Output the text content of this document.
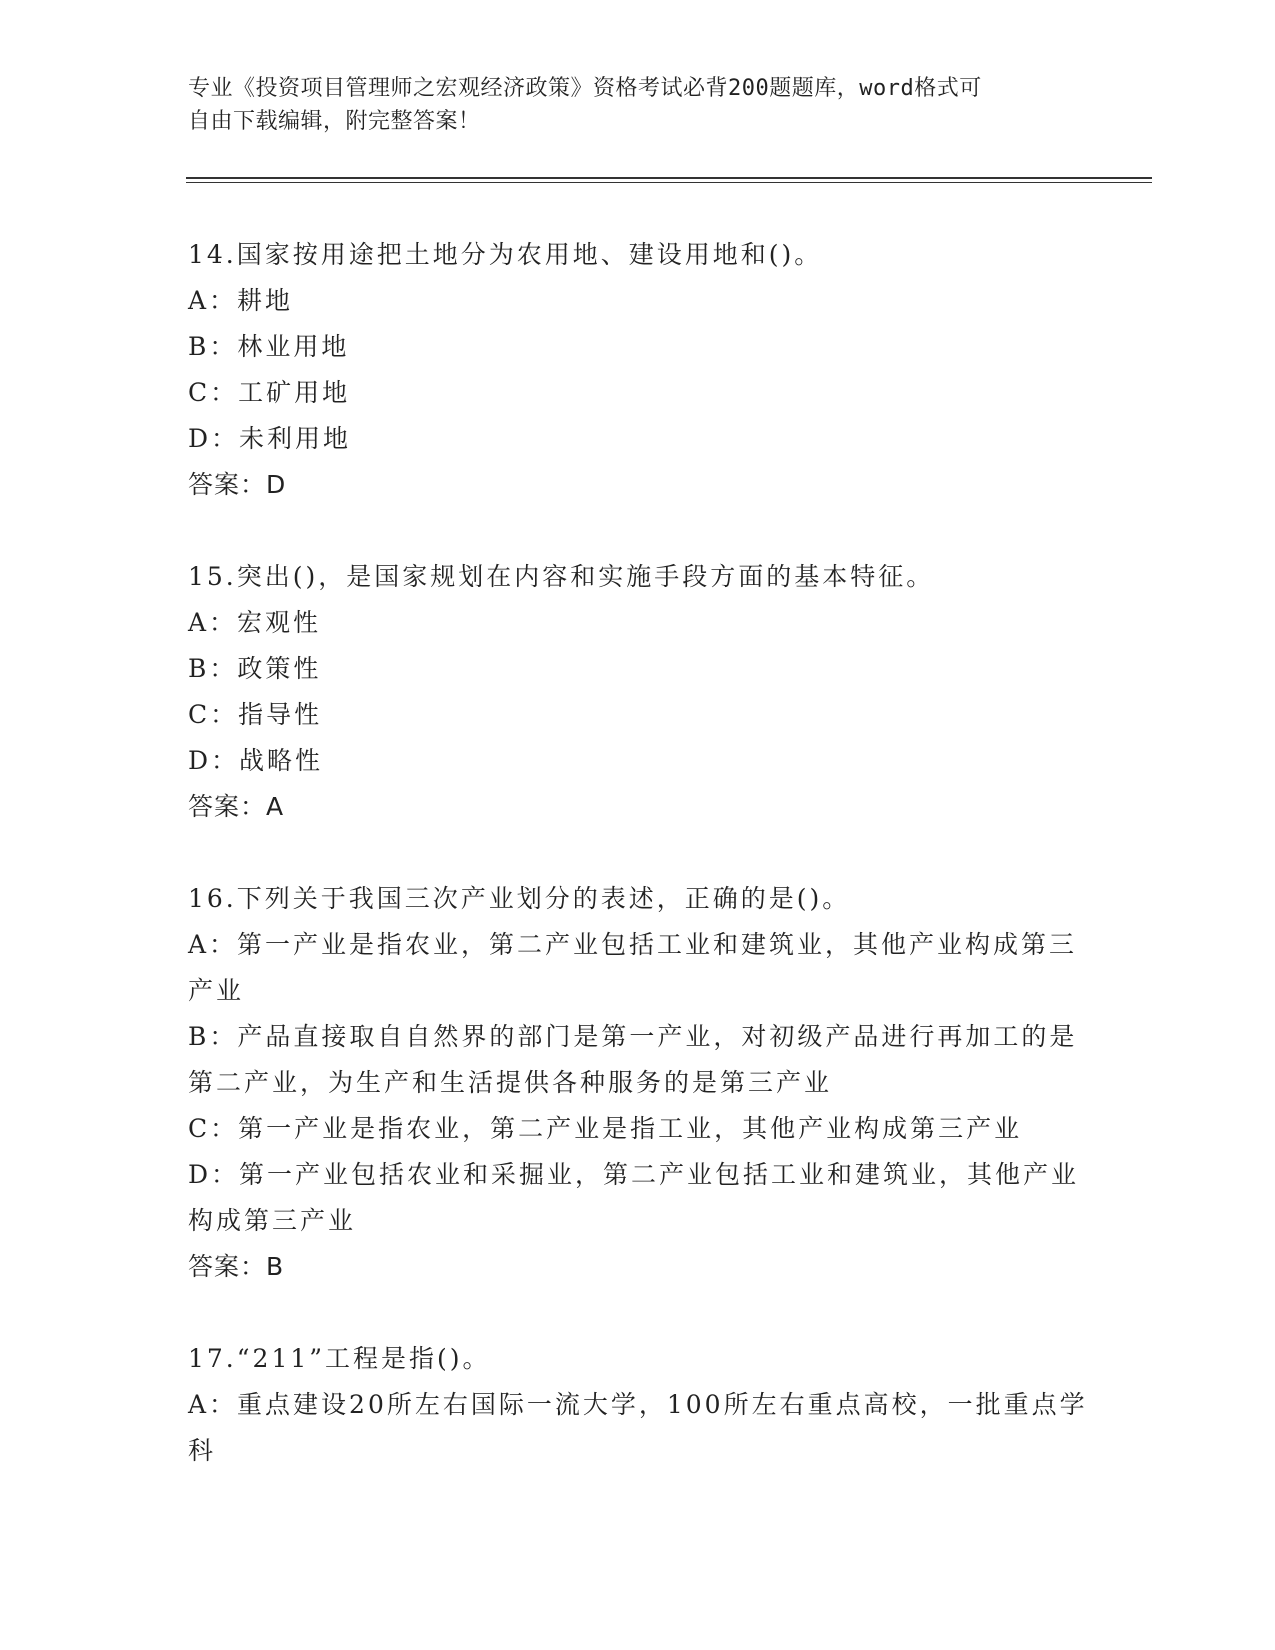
专业《投资项目管理师之宏观经济政策》资格考试必背200题题库，word格式可
自由下载编辑，附完整答案！
14.国家按用途把土地分为农用地、建设用地和()。
A：耕地
B：林业用地
C：工矿用地
D：未利用地
答案：D
15.突出()，是国家规划在内容和实施手段方面的基本特征。
A：宏观性
B：政策性
C：指导性
D：战略性
答案：A
16.下列关于我国三次产业划分的表述，正确的是()。
A：第一产业是指农业，第二产业包括工业和建筑业，其他产业构成第三产业
B：产品直接取自自然界的部门是第一产业，对初级产品进行再加工的是第二产业，为生产和生活提供各种服务的是第三产业
C：第一产业是指农业，第二产业是指工业，其他产业构成第三产业
D：第一产业包括农业和采掘业，第二产业包括工业和建筑业，其他产业构成第三产业
答案：B
17.“211”工程是指()。
A：重点建设20所左右国际一流大学，100所左右重点高校，一批重点学科
